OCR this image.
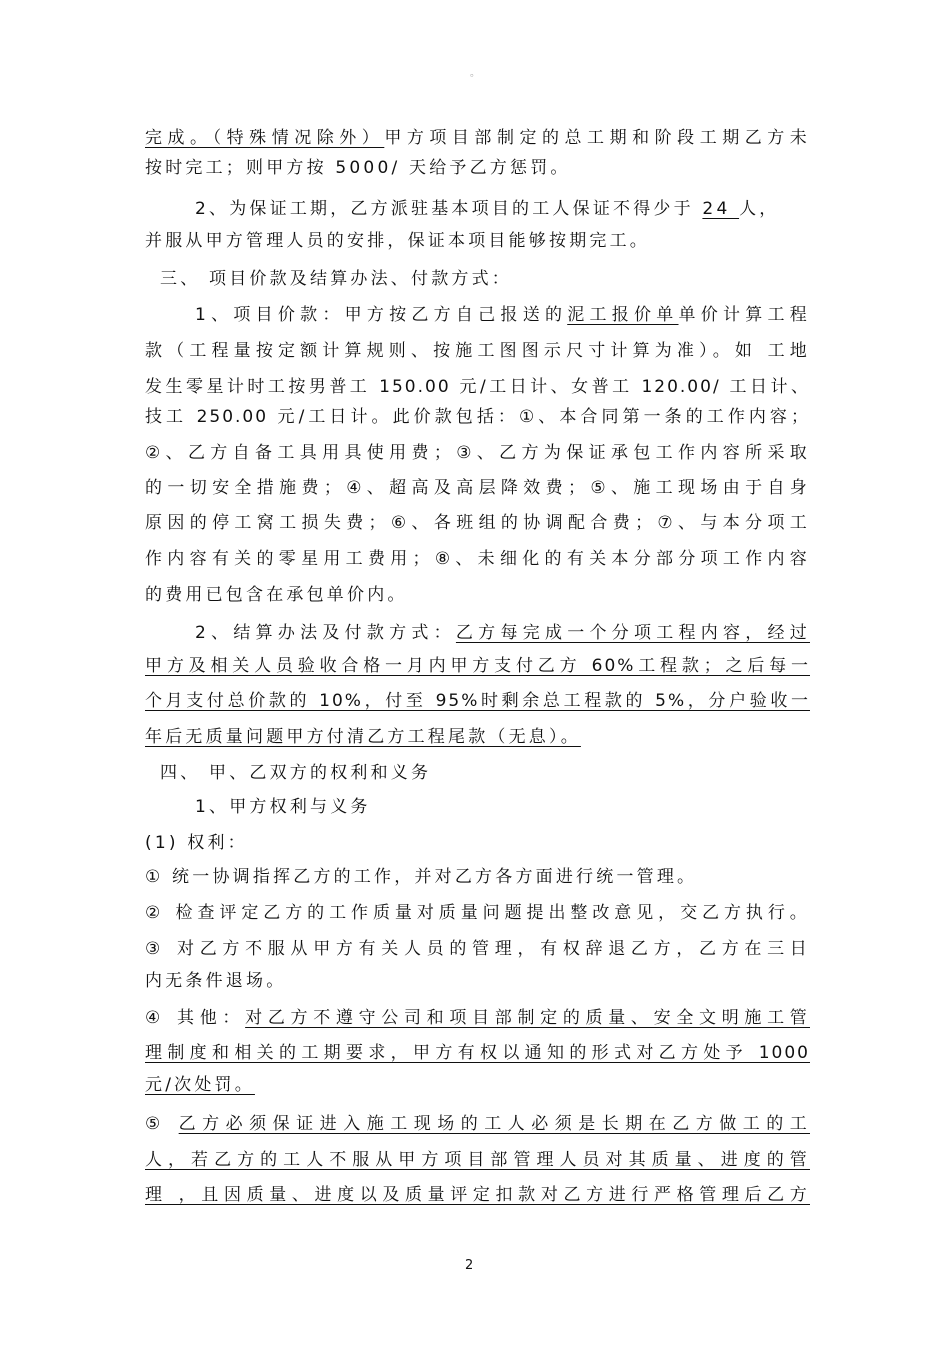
。
完成。（特殊情况除外）甲方项目部制定的总工期和阶段工期乙方未
按时完工；则甲方按 5000/ 天给予乙方惩罚。
2、为保证工期，乙方派驻基本项目的工人保证不得少于 24 人，
并服从甲方管理人员的安排，保证本项目能够按期完工。
三、 项目价款及结算办法、付款方式：
1、项目价款：甲方按乙方自己报送的泥工报价单单价计算工程
款（工程量按定额计算规则、按施工图图示尺寸计算为准）。如 工地
发生零星计时工按男普工 150.00 元/工日计、女普工 120.00/ 工日计、
技工 250.00 元/工日计。此价款包括：①、本合同第一条的工作内容；
②、乙方自备工具用具使用费；③、乙方为保证承包工作内容所采取
的一切安全措施费；④、超高及高层降效费；⑤、施工现场由于自身
原因的停工窝工损失费；⑥、各班组的协调配合费；⑦、与本分项工
作内容有关的零星用工费用；⑧、未细化的有关本分部分项工作内容
的费用已包含在承包单价内。
2、结算办法及付款方式：乙方每完成一个分项工程内容，经过
甲方及相关人员验收合格一月内甲方支付乙方 60%工程款；之后每一
个月支付总价款的 10%，付至 95%时剩余总工程款的 5%，分户验收一
年后无质量问题甲方付清乙方工程尾款（无息）。
四、 甲、乙双方的权利和义务
1、甲方权利与义务
(1) 权利：
① 统一协调指挥乙方的工作，并对乙方各方面进行统一管理。
② 检查评定乙方的工作质量对质量问题提出整改意见，交乙方执行。
③ 对乙方不服从甲方有关人员的管理，有权辞退乙方，乙方在三日
内无条件退场。
④ 其他：对乙方不遵守公司和项目部制定的质量、安全文明施工管
理制度和相关的工期要求，甲方有权以通知的形式对乙方处予 1000
元/次处罚。
⑤ 乙方必须保证进入施工现场的工人必须是长期在乙方做工的工
人，若乙方的工人不服从甲方项目部管理人员对其质量、进度的管
理 ，且因质量、进度以及质量评定扣款对乙方进行严格管理后乙方
2
